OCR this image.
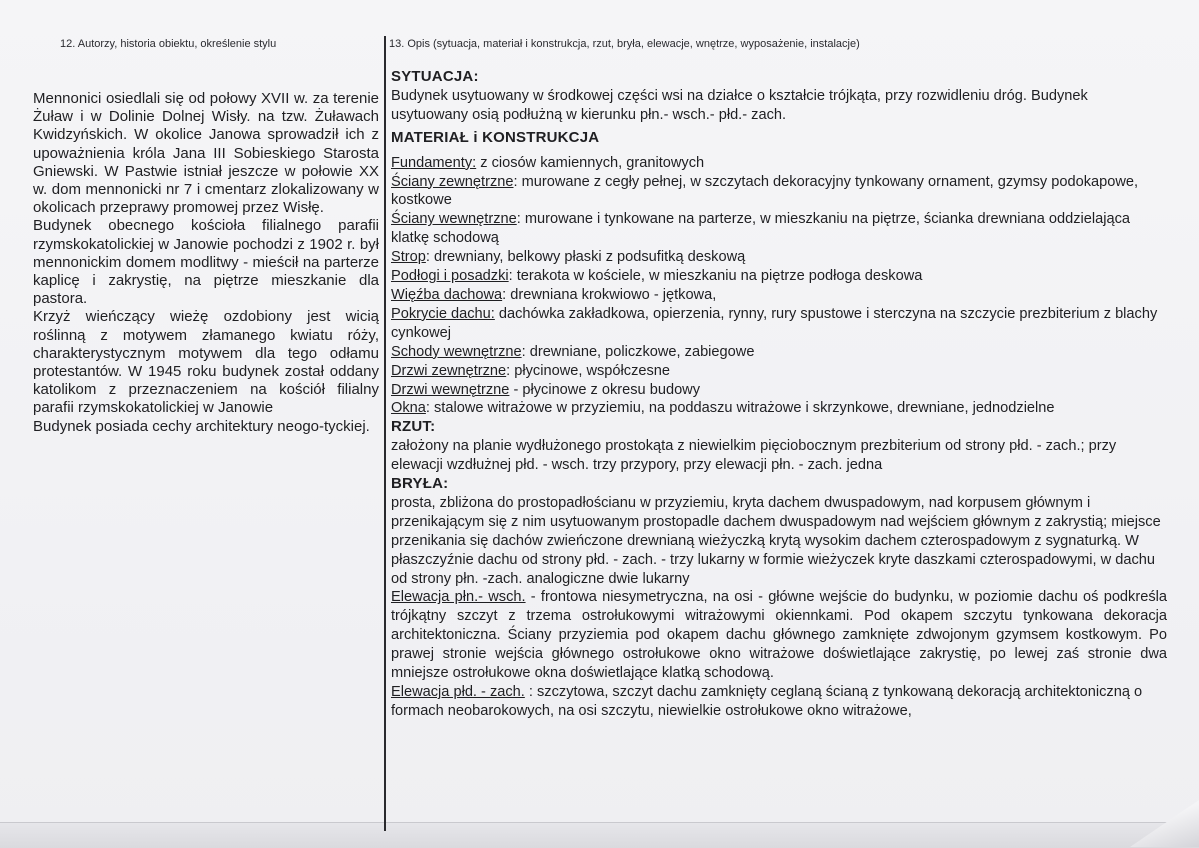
12. Autorzy, historia obiektu, określenie stylu	13. Opis (sytuacja, materiał i konstrukcja, rzut, bryła, elewacje, wnętrze, wyposażenie, instalacje)

Mennonici osiedlali się od połowy XVII w. za terenie Żuław i w Dolinie Dolnej Wisły. na tzw. Żuławach Kwidzyńskich. W okolice Janowa sprowadził ich z upoważnienia króla Jana III Sobieskiego Starosta Gniewski. W Pastwie istniał jeszcze w połowie XX w. dom mennonicki nr 7 i cmentarz zlokalizowany w okolicach przeprawy promowej przez Wisłę.

Budynek obecnego kościoła filialnego parafii rzymskokatolickiej w Janowie pochodzi z 1902 r. był mennonickim domem modlitwy - mieścił na parterze kaplicę i zakrystię, na piętrze mieszkanie dla pastora.

Krzyż wieńczący wieżę ozdobiony jest wicią roślinną z motywem złamanego kwiatu róży, charakterystycznym motywem dla tego odłamu protestantów. W 1945 roku budynek został oddany katolikom z przeznaczeniem na kościół filialny parafii rzymskokatolickiej w Janowie

Budynek posiada cechy architektury neogo-tyckiej.

SYTUACJA:

Budynek usytuowany w środkowej części wsi na działce o kształcie trójkąta, przy rozwidleniu dróg. Budynek usytuowany osią podłużną w kierunku płn.- wsch.- płd.- zach.

MATERIAŁ i KONSTRUKCJA

Fundamenty: z ciosów kamiennych, granitowych

Ściany zewnętrzne: murowane z cegły pełnej, w szczytach dekoracyjny tynkowany ornament, gzymsy podokapowe, kostkowe

Ściany wewnętrzne: murowane i tynkowane na parterze, w mieszkaniu na piętrze, ścianka drewniana oddzielająca klatkę schodową

Strop: drewniany, belkowy płaski z podsufitką deskową

Podłogi i posadzki: terakota w kościele, w mieszkaniu na piętrze podłoga deskowa

Więźba dachowa: drewniana krokwiowo - jętkowa,

Pokrycie dachu: dachówka zakładkowa, opierzenia, rynny, rury spustowe i sterczyna na szczycie prezbiterium z blachy cynkowej

Schody wewnętrzne: drewniane, policzkowe, zabiegowe

Drzwi zewnętrzne: płycinowe, współczesne

Drzwi wewnętrzne - płycinowe z okresu budowy

Okna: stalowe witrażowe w przyziemiu, na poddaszu witrażowe i skrzynkowe, drewniane, jednodzielne

RZUT:

założony na planie wydłużonego prostokąta z niewielkim pięciobocznym prezbiterium od strony płd. - zach.; przy elewacji wzdłużnej płd. - wsch. trzy przypory, przy elewacji płn. - zach. jedna

BRYŁA:

prosta, zbliżona do prostopadłościanu w przyziemiu, kryta dachem dwuspadowym, nad korpusem głównym i przenikającym się z nim usytuowanym prostopadle dachem dwuspadowym nad wejściem głównym z zakrystią; miejsce przenikania się dachów zwieńczone drewnianą wieżyczką krytą wysokim dachem czterospadowym z sygnaturką. W płaszczyźnie dachu od strony płd. - zach. - trzy lukarny w formie wieżyczek kryte daszkami czterospadowymi, w dachu od strony płn. -zach. analogiczne dwie lukarny

Elewacja płn.- wsch. - frontowa niesymetryczna, na osi - główne wejście do budynku, w poziomie dachu oś podkreśla trójkątny szczyt z trzema ostrołukowymi witrażowymi okiennkami. Pod okapem szczytu tynkowana dekoracja architektoniczna. Ściany przyziemia pod okapem dachu głównego zamknięte zdwojonym gzymsem kostkowym. Po prawej stronie wejścia głównego ostrołukowe okno witrażowe doświetlające zakrystię, po lewej zaś stronie dwa mniejsze ostrołukowe okna doświetlające klatką schodową.

Elewacja płd. - zach. : szczytowa, szczyt dachu zamknięty ceglaną ścianą z tynkowaną dekoracją architektoniczną o formach neobarokowych, na osi szczytu, niewielkie ostrołukowe okno witrażowe,
